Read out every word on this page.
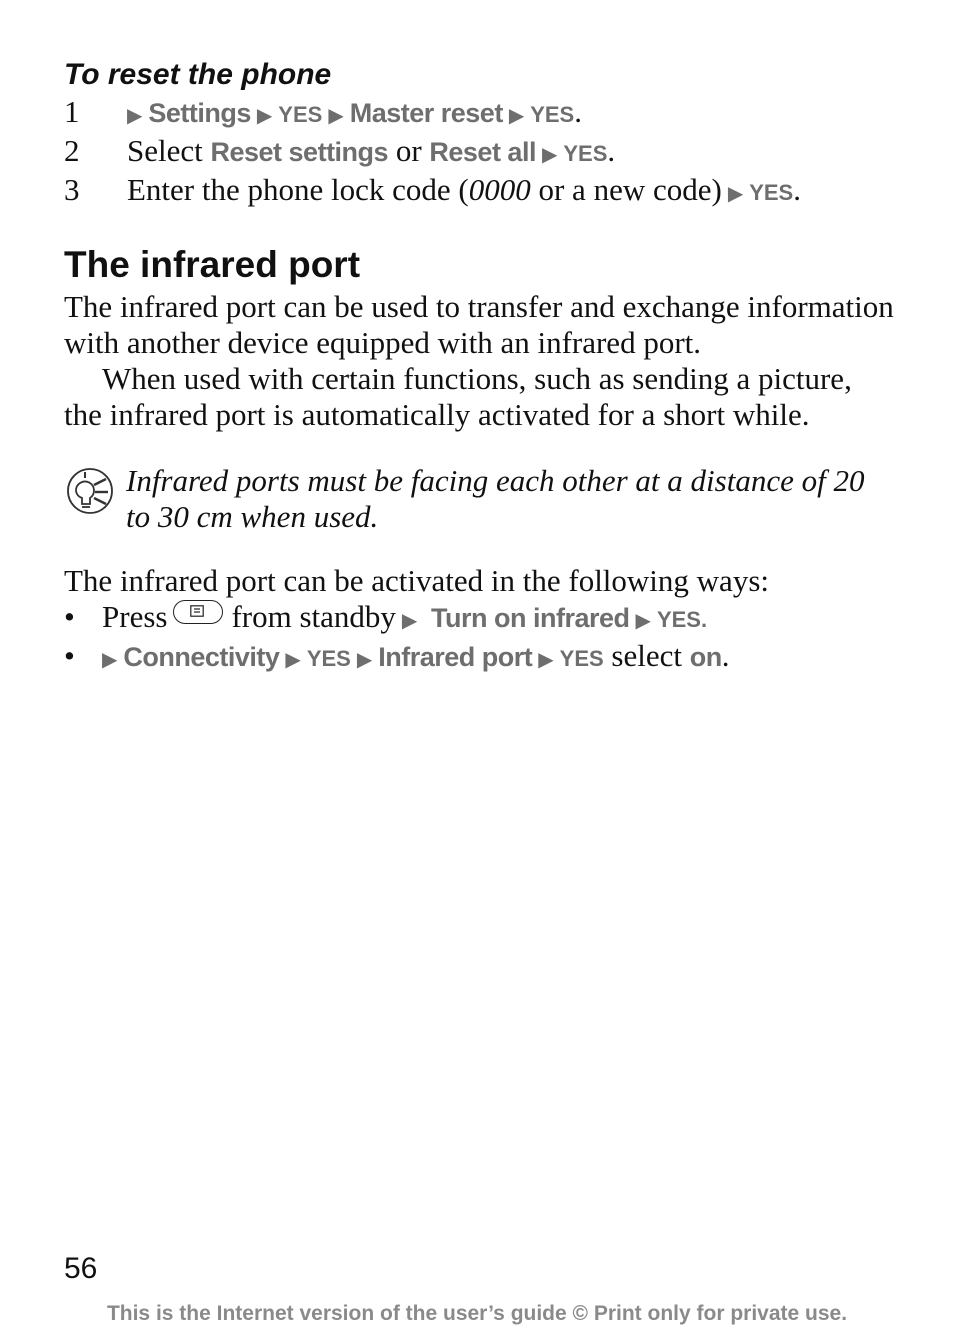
To reset the phone
1	▶ Settings ▶ YES ▶ Master reset ▶ YES.
2	Select Reset settings or Reset all ▶ YES.
3	Enter the phone lock code (0000 or a new code) ▶ YES.
The infrared port

The infrared port can be used to transfer and exchange information with another device equipped with an infrared port.

When used with certain functions, such as sending a picture, the infrared port is automatically activated for a short while.

Infrared ports must be facing each other at a distance of 20 to 30 cm when used.
The infrared port can be activated in the following ways:
• Press from standby ▶ Turn on infrared ▶ YES.
•	▶ Connectivity ▶ YES ▶ Infrared port ▶ YES select on.
56
This is the Internet version of the user’s guide © Print only for private use.
